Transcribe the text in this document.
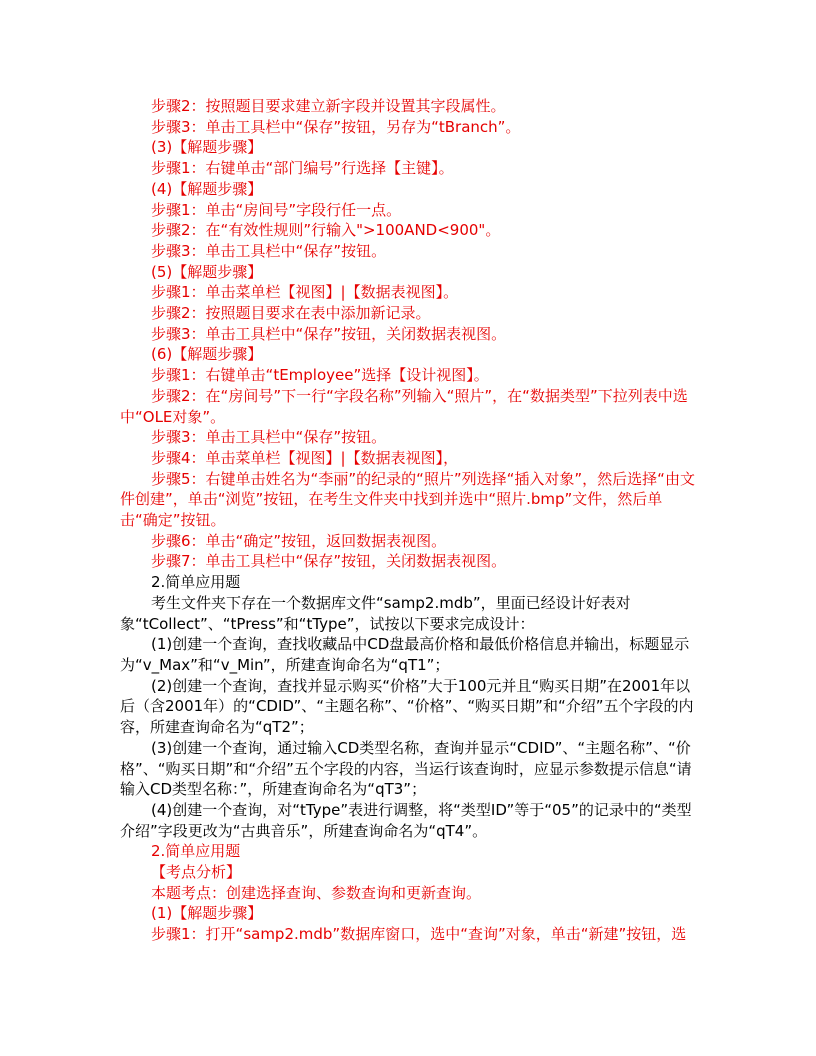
步骤2：按照题目要求建立新字段并设置其字段属性。
步骤3：单击工具栏中“保存”按钮，另存为“tBranch”。
(3)【解题步骤】
步骤1：右键单击“部门编号”行选择【主键】。
(4)【解题步骤】
步骤1：单击“房间号”字段行任一点。
步骤2：在“有效性规则”行输入">100AND<900"。
步骤3：单击工具栏中“保存”按钮。
(5)【解题步骤】
步骤1：单击菜单栏【视图】|【数据表视图】。
步骤2：按照题目要求在表中添加新记录。
步骤3：单击工具栏中“保存”按钮，关闭数据表视图。
(6)【解题步骤】
步骤1：右键单击“tEmployee”选择【设计视图】。
步骤2：在“房间号”下一行“字段名称”列输入“照片”，在“数据类型”下拉列表中选中“OLE对象”。
步骤3：单击工具栏中“保存”按钮。
步骤4：单击菜单栏【视图】|【数据表视图】，
步骤5：右键单击姓名为“李丽”的纪录的“照片”列选择“插入对象”，然后选择“由文件创建”，单击“浏览”按钮，在考生文件夹中找到并选中“照片.bmp”文件，然后单击“确定”按钮。
步骤6：单击“确定”按钮，返回数据表视图。
步骤7：单击工具栏中“保存”按钮，关闭数据表视图。
2.简单应用题
考生文件夹下存在一个数据库文件“samp2.mdb”，里面已经设计好表对象“tCollect”、“tPress”和“tType”，试按以下要求完成设计：
(1)创建一个查询，查找收藏品中CD盘最高价格和最低价格信息并输出，标题显示为“v_Max”和“v_Min”，所建查询命名为“qT1”；
(2)创建一个查询，查找并显示购买“价格”大于100元并且“购买日期”在2001年以后（含2001年）的“CDID”、“主题名称”、“价格”、“购买日期”和“介绍”五个字段的内容，所建查询命名为“qT2”；
(3)创建一个查询，通过输入CD类型名称，查询并显示“CDID”、“主题名称”、“价格”、“购买日期”和“介绍”五个字段的内容，当运行该查询时，应显示参数提示信息“请输入CD类型名称：”，所建查询命名为“qT3”；
(4)创建一个查询，对“tType”表进行调整，将“类型ID”等于“05”的记录中的“类型介绍”字段更改为“古典音乐”，所建查询命名为“qT4”。
2.简单应用题
【考点分析】
本题考点：创建选择查询、参数查询和更新查询。
(1)【解题步骤】
步骤1：打开“samp2.mdb”数据库窗口，选中“查询”对象，单击“新建”按钮，选
